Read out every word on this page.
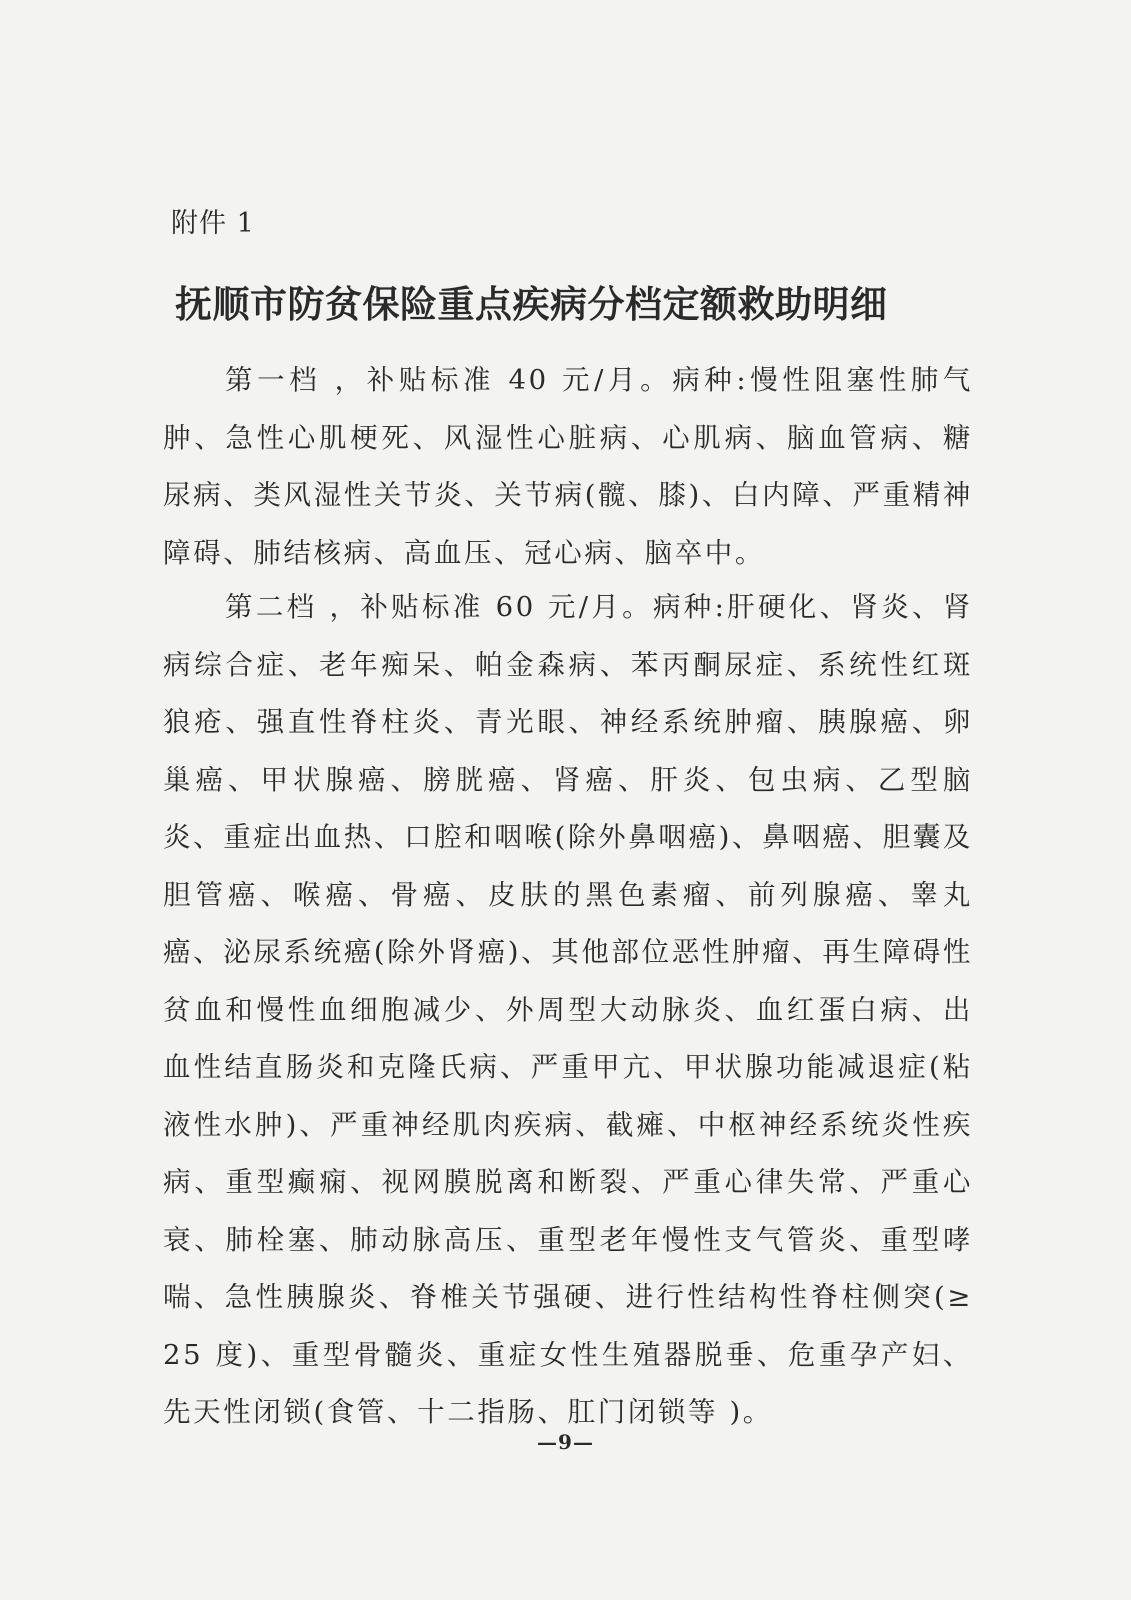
附件 1
抚顺市防贫保险重点疾病分档定额救助明细

第一档 ，补贴标准 40 元/月。病种:慢性阻塞性肺气肿、急性心肌梗死、风湿性心脏病、心肌病、脑血管病、糖尿病、类风湿性关节炎、关节病(髋、膝)、白内障、严重精神障碍、肺结核病、高血压、冠心病、脑卒中。

第二档 ，补贴标准 60 元/月。病种:肝硬化、肾炎、肾病综合症、老年痴呆、帕金森病、苯丙酮尿症、系统性红斑狼疮、强直性脊柱炎、青光眼、神经系统肿瘤、胰腺癌、卵巢癌、甲状腺癌、膀胱癌、肾癌、肝炎、包虫病、乙型脑炎、重症出血热、口腔和咽喉(除外鼻咽癌)、鼻咽癌、胆囊及胆管癌、喉癌、骨癌、皮肤的黑色素瘤、前列腺癌、睾丸癌、泌尿系统癌(除外肾癌)、其他部位恶性肿瘤、再生障碍性贫血和慢性血细胞减少、外周型大动脉炎、血红蛋白病、出血性结直肠炎和克隆氏病、严重甲亢、甲状腺功能减退症(粘液性水肿)、严重神经肌肉疾病、截瘫、中枢神经系统炎性疾病、重型癫痫、视网膜脱离和断裂、严重心律失常、严重心衰、肺栓塞、肺动脉高压、重型老年慢性支气管炎、重型哮喘、急性胰腺炎、脊椎关节强硬、进行性结构性脊柱侧突(≥ 25 度)、重型骨髓炎、重症女性生殖器脱垂、危重孕产妇、先天性闭锁(食管、十二指肠、肛门闭锁等 )。

—9—
